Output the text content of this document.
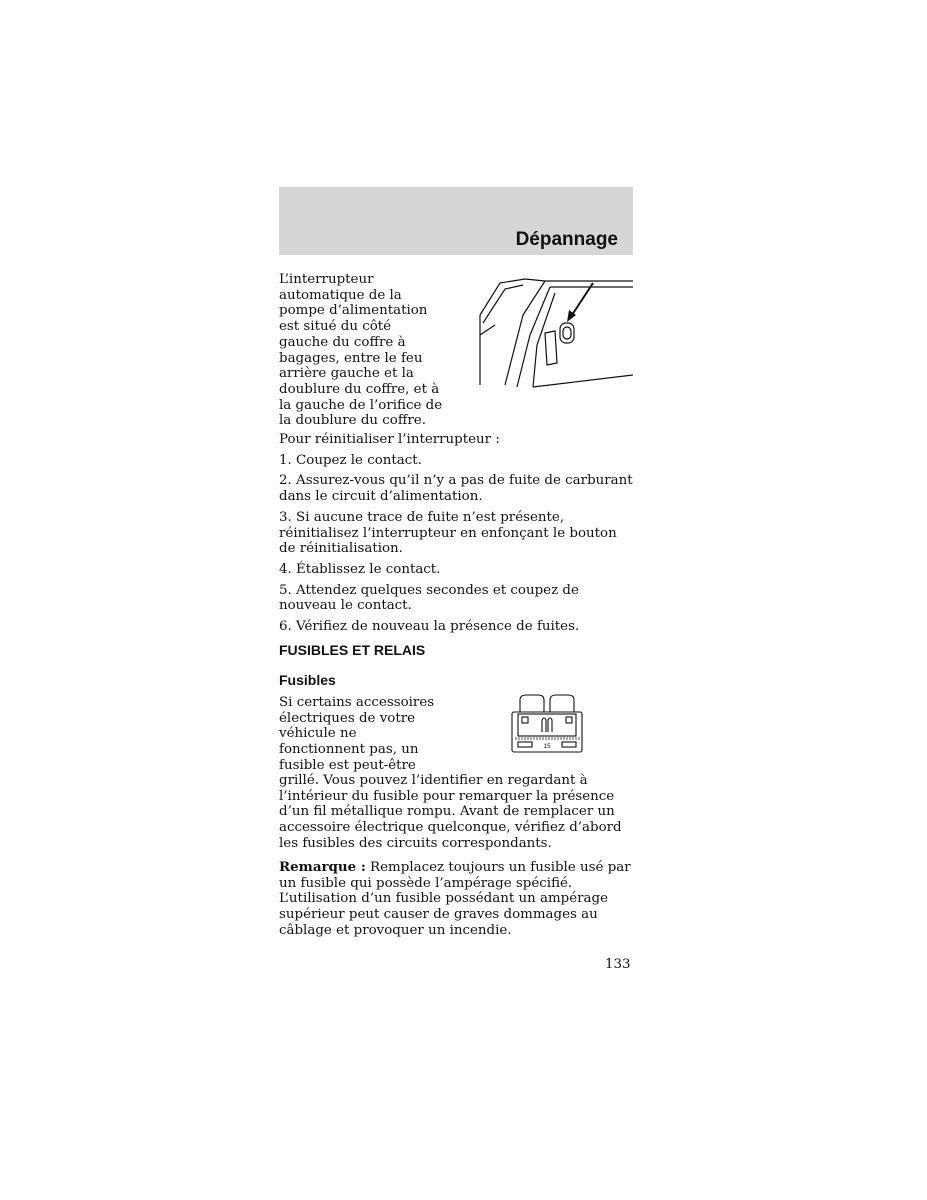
Dépannage

L’interrupteur

automatique de la

pompe d’alimentation

est situé du côté

gauche du coffre à

bagages, entre le feu

arrière gauche et la

doublure du coffre, et à

la gauche de l’orifice de

la doublure du coffre.

Pour réinitialiser l’interrupteur :

1. Coupez le contact.

2. Assurez-vous qu’il n’y a pas de fuite de carburant dans le circuit d’alimentation.

3. Si aucune trace de fuite n’est présente, réinitialisez l’interrupteur en enfonçant le bouton de réinitialisation.

4. Établissez le contact.

5. Attendez quelques secondes et coupez de nouveau le contact.

6. Vérifiez de nouveau la présence de fuites.

FUSIBLES ET RELAIS
Fusibles

Si certains accessoires

électriques de votre

véhicule ne

fonctionnent pas, un

fusible est peut-être

15

grillé. Vous pouvez l’identifier en regardant à l’intérieur du fusible pour remarquer la présence d’un fil métallique rompu. Avant de remplacer un accessoire électrique quelconque, vérifiez d’abord les fusibles des circuits correspondants.

Remarque : Remplacez toujours un fusible usé par un fusible qui possède l’ampérage spécifié. L’utilisation d’un fusible possédant un ampérage supérieur peut causer de graves dommages au câblage et provoquer un incendie.

133
